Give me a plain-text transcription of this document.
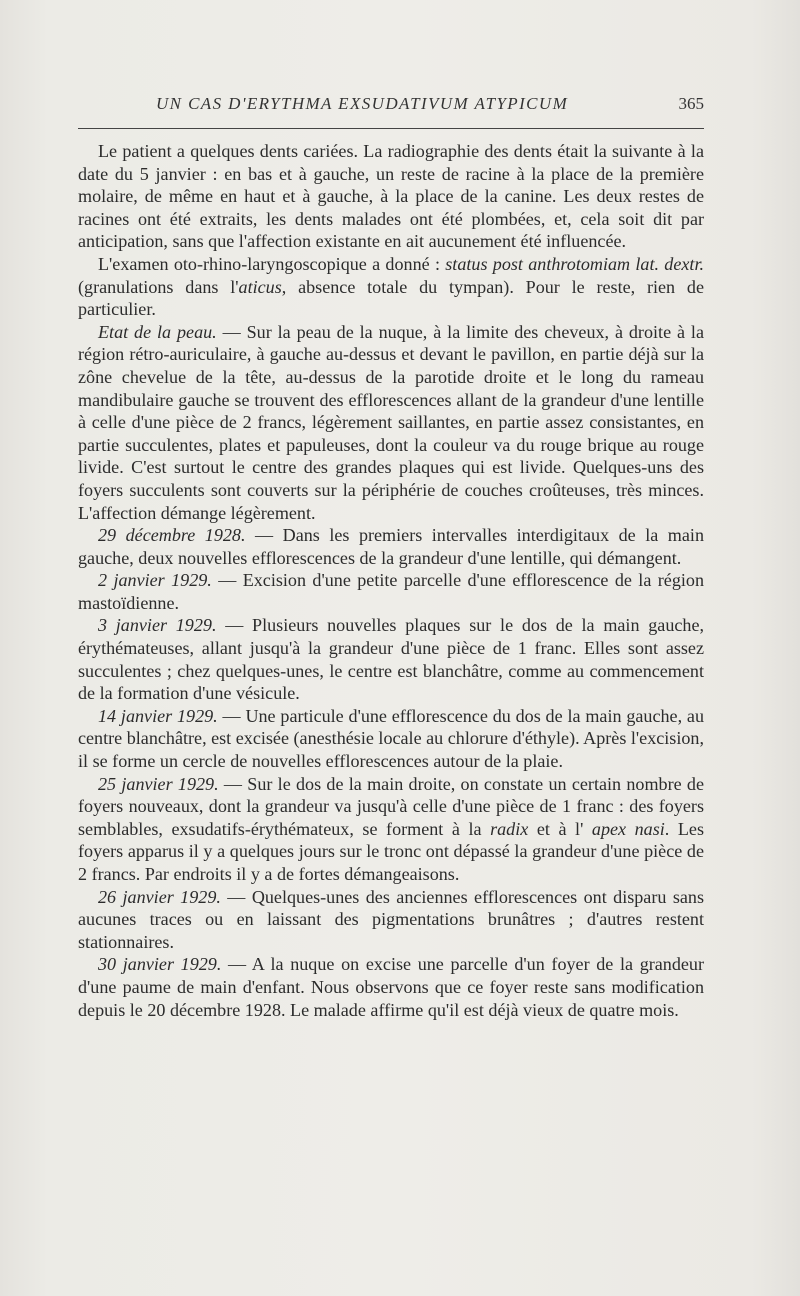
UN CAS D'ERYTHMA EXSUDATIVUM ATYPICUM	365

Le patient a quelques dents cariées. La radiographie des dents était la suivante à la date du 5 janvier : en bas et à gauche, un reste de racine à la place de la première molaire, de même en haut et à gauche, à la place de la canine. Les deux restes de racines ont été extraits, les dents malades ont été plombées, et, cela soit dit par anticipation, sans que l'affection existante en ait aucunement été influencée.

L'examen oto-rhino-laryngoscopique a donné : status post anthrotomiam lat. dextr. (granulations dans l'aticus, absence totale du tympan). Pour le reste, rien de particulier.

Etat de la peau. — Sur la peau de la nuque, à la limite des cheveux, à droite à la région rétro-auriculaire, à gauche au-dessus et devant le pavillon, en partie déjà sur la zône chevelue de la tête, au-dessus de la parotide droite et le long du rameau mandibulaire gauche se trouvent des efflorescences allant de la grandeur d'une lentille à celle d'une pièce de 2 francs, légèrement saillantes, en partie assez consistantes, en partie succulentes, plates et papuleuses, dont la couleur va du rouge brique au rouge livide. C'est surtout le centre des grandes plaques qui est livide. Quelques-uns des foyers succulents sont couverts sur la périphérie de couches croûteuses, très minces. L'affection démange légèrement.

29 décembre 1928. — Dans les premiers intervalles interdigitaux de la main gauche, deux nouvelles efflorescences de la grandeur d'une lentille, qui démangent.

2 janvier 1929. — Excision d'une petite parcelle d'une efflorescence de la région mastoïdienne.

3 janvier 1929. — Plusieurs nouvelles plaques sur le dos de la main gauche, érythémateuses, allant jusqu'à la grandeur d'une pièce de 1 franc. Elles sont assez succulentes ; chez quelques-unes, le centre est blanchâtre, comme au commencement de la formation d'une vésicule.

14 janvier 1929. — Une particule d'une efflorescence du dos de la main gauche, au centre blanchâtre, est excisée (anesthésie locale au chlorure d'éthyle). Après l'excision, il se forme un cercle de nouvelles efflorescences autour de la plaie.

25 janvier 1929. — Sur le dos de la main droite, on constate un certain nombre de foyers nouveaux, dont la grandeur va jusqu'à celle d'une pièce de 1 franc : des foyers semblables, exsudatifs-érythémateux, se forment à la radix et à l' apex nasi. Les foyers apparus il y a quelques jours sur le tronc ont dépassé la grandeur d'une pièce de 2 francs. Par endroits il y a de fortes démangeaisons.

26 janvier 1929. — Quelques-unes des anciennes efflorescences ont disparu sans aucunes traces ou en laissant des pigmentations brunâtres ; d'autres restent stationnaires.

30 janvier 1929. — A la nuque on excise une parcelle d'un foyer de la grandeur d'une paume de main d'enfant. Nous observons que ce foyer reste sans modification depuis le 20 décembre 1928. Le malade affirme qu'il est déjà vieux de quatre mois.
